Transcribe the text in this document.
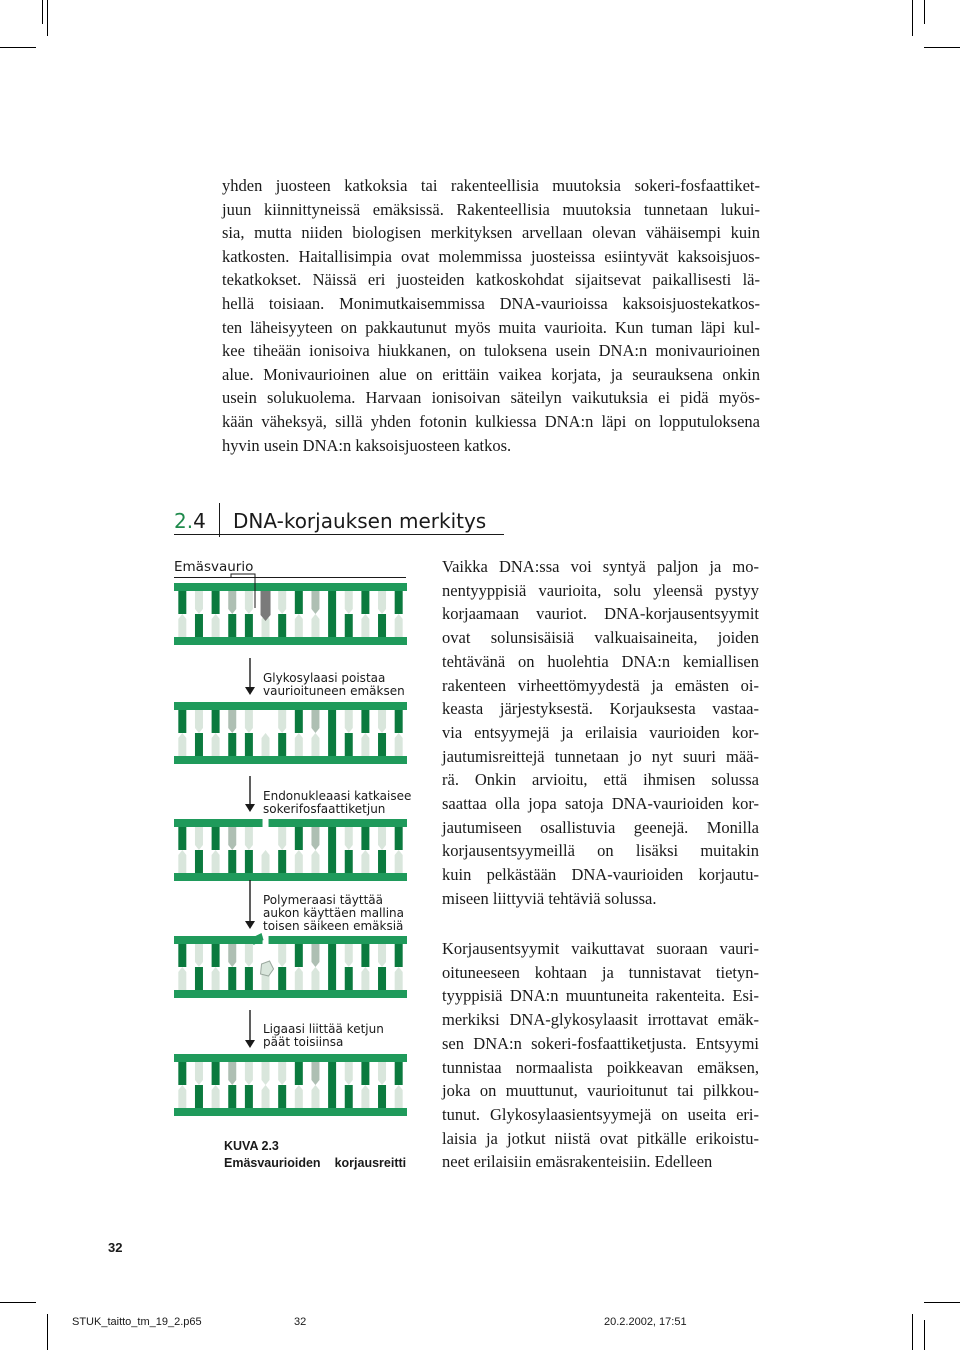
yhden juosteen katkoksia tai rakenteellisia muutoksia sokeri-fosfaattiket-
juun kiinnittyneissä emäksissä. Rakenteellisia muutoksia tunnetaan lukui-
sia, mutta niiden biologisen merkityksen arvellaan olevan vähäisempi kuin
katkosten. Haitallisimpia ovat molemmissa juosteissa esiintyvät kaksoisjuos-
tekatkokset. Näissä eri juosteiden katkoskohdat sijaitsevat paikallisesti lä-
hellä toisiaan. Monimutkaisemmissa DNA-vaurioissa kaksoisjuostekatkos-
ten läheisyyteen on pakkautunut myös muita vaurioita. Kun tuman läpi kul-
kee tiheään ionisoiva hiukkanen, on tuloksena usein DNA:n monivaurioinen
alue. Monivaurioinen alue on erittäin vaikea korjata, ja seurauksena onkin
usein solukuolema. Harvaan ionisoivan säteilyn vaikutuksia ei pidä myös-
kään väheksyä, sillä yhden fotonin kulkiessa DNA:n läpi on lopputuloksena
hyvin usein DNA:n kaksoisjuosteen katkos.
2.4 DNA-korjauksen merkitys
Emäsvaurio
Glykosylaasi poistaa
vaurioituneen emäksen
Endonukleaasi katkaisee
sokerifosfaattiketjun
Polymeraasi täyttää
aukon käyttäen mallina
toisen säikeen emäksiä
Ligaasi liittää ketjun
päät toisiinsa
KUVA 2.3
Emäsvaurioiden korjausreitti
Vaikka DNA:ssa voi syntyä paljon ja mo-
nentyyppisiä vaurioita, solu yleensä pystyy
korjaamaan vauriot. DNA-korjausentsyymit
ovat solunsisäisiä valkuaisaineita, joiden
tehtävänä on huolehtia DNA:n kemiallisen
rakenteen virheettömyydestä ja emästen oi-
keasta järjestyksestä. Korjauksesta vastaa-
via entsyymejä ja erilaisia vaurioiden kor-
jautumisreittejä tunnetaan jo nyt suuri mää-
rä. Onkin arvioitu, että ihmisen solussa
saattaa olla jopa satoja DNA-vaurioiden kor-
jautumiseen osallistuvia geenejä. Monilla
korjausentsyymeillä on lisäksi muitakin
kuin pelkästään DNA-vaurioiden korjautu-
miseen liittyviä tehtäviä solussa.
Korjausentsyymit vaikuttavat suoraan vauri-
oituneeseen kohtaan ja tunnistavat tietyn-
tyyppisiä DNA:n muuntuneita rakenteita. Esi-
merkiksi DNA-glykosylaasit irrottavat emäk-
sen DNA:n sokeri-fosfaattiketjusta. Entsyymi
tunnistaa normaalista poikkeavan emäksen,
joka on muuttunut, vaurioitunut tai pilkkou-
tunut. Glykosylaasientsyymejä on useita eri-
laisia ja jotkut niistä ovat pitkälle erikoistu-
neet erilaisiin emäsrakenteisiin. Edelleen
32
STUK_taitto_tm_19_2.p65	32	20.2.2002, 17:51
